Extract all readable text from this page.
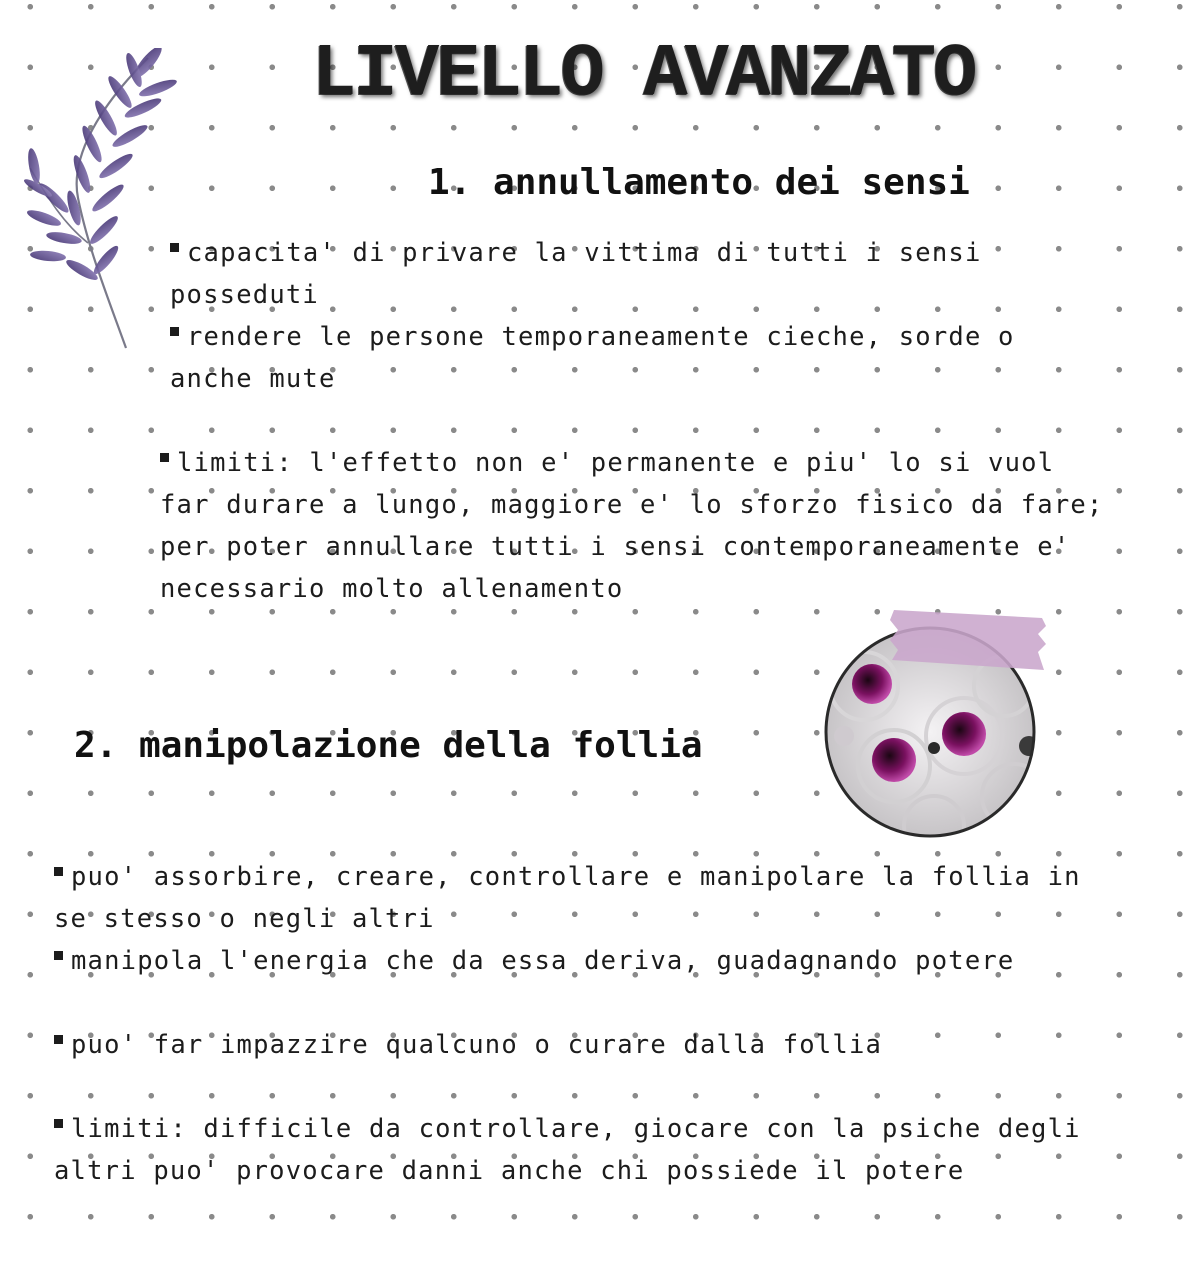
LIVELLO AVANZATO
1. annullamento dei sensi

capacita' di privare la vittima di tutti i sensi posseduti

rendere le persone temporaneamente cieche, sorde o anche mute

limiti: l'effetto non e' permanente e piu' lo si vuol far durare a lungo, maggiore e' lo sforzo fisico da fare; per poter annullare tutti i sensi contemporaneamente e' necessario molto allenamento

2. manipolazione della follia

puo' assorbire, creare, controllare e manipolare la follia in se stesso o negli altri

manipola l'energia che da essa deriva, guadagnando potere

puo' far impazzire qualcuno o curare dalla follia

limiti: difficile da controllare, giocare con la psiche degli altri puo' provocare danni anche chi possiede il potere
